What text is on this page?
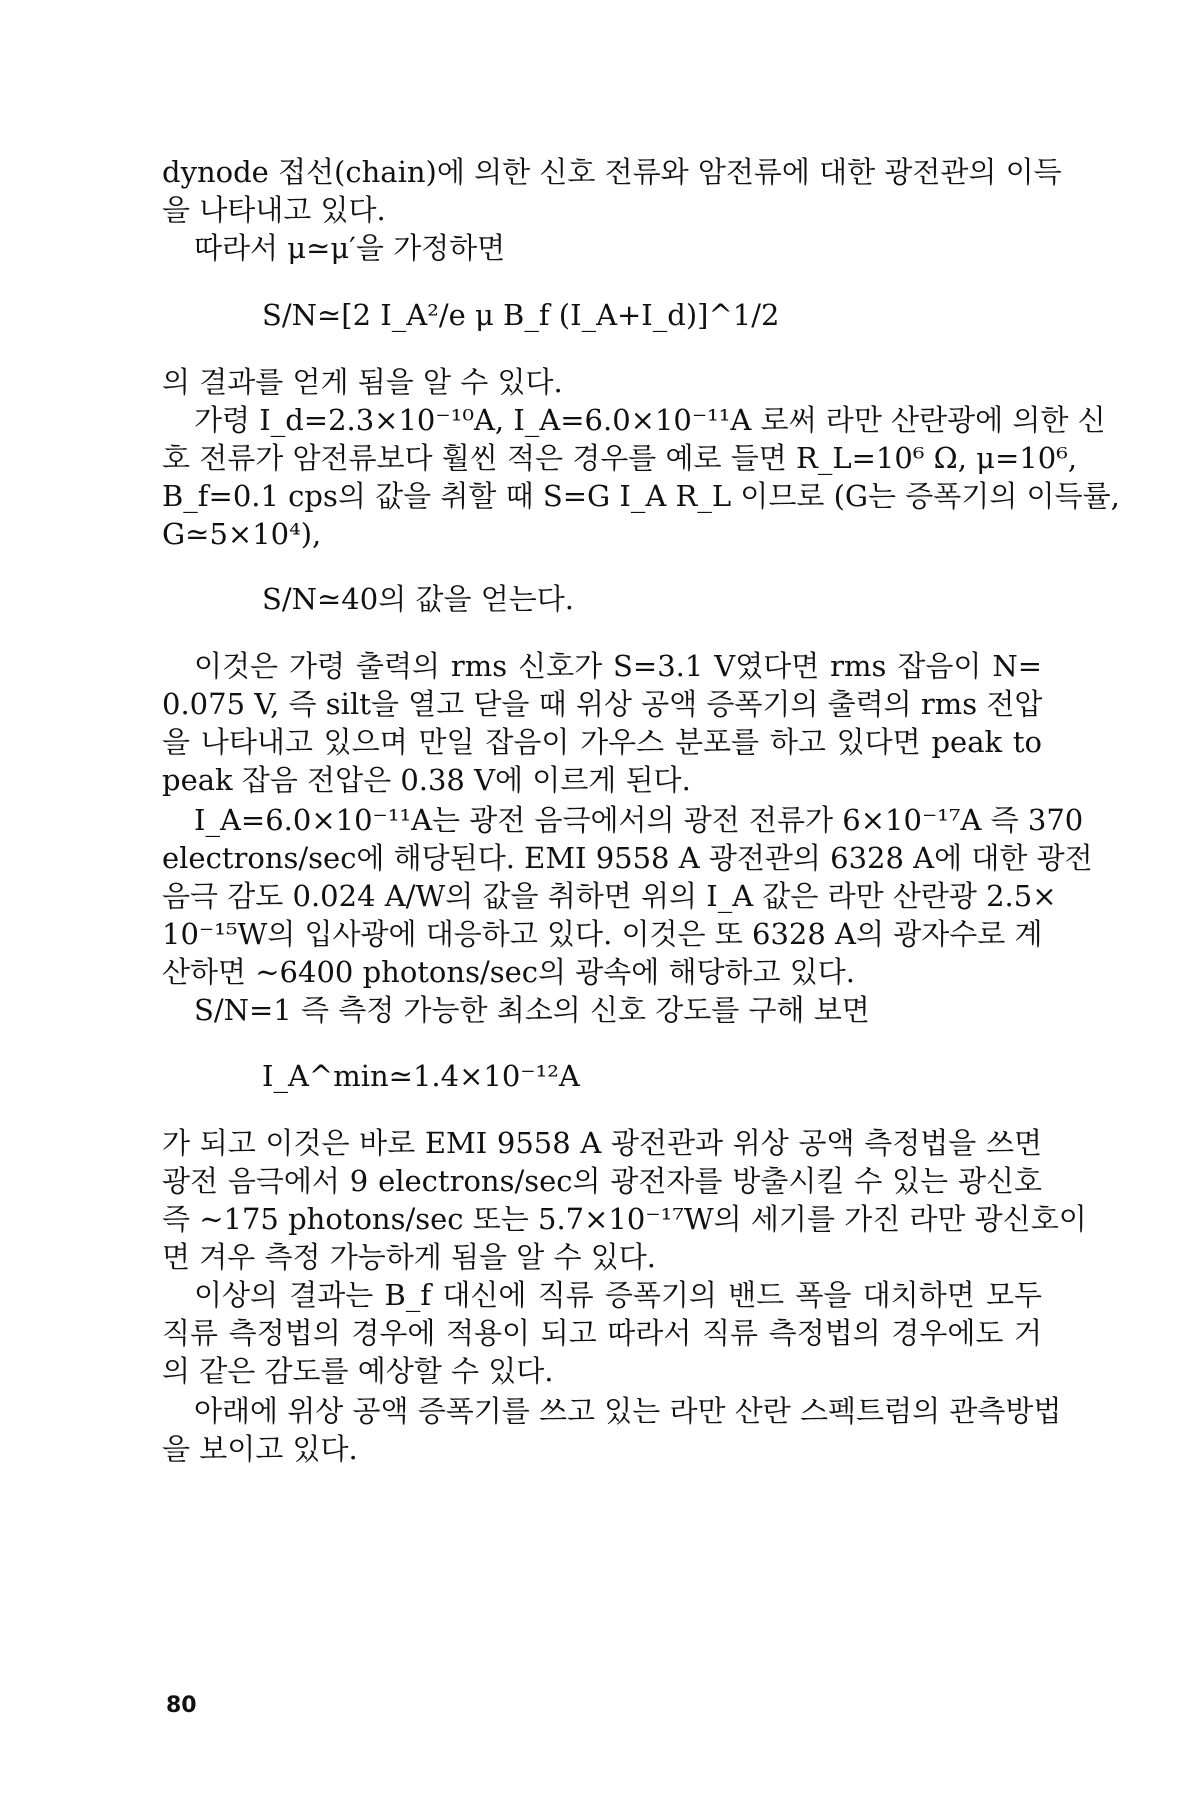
dynode 접선(chain)에 의한 신호 전류와 암전류에 대한 광전관의 이득
을 나타내고 있다.
따라서 μ≃μ′을 가정하면
S/N≃[2 I_A²/e μ B_f (I_A+I_d)]^1/2
의 결과를 얻게 됨을 알 수 있다.
가령 I_d=2.3×10⁻¹⁰A, I_A=6.0×10⁻¹¹A 로써 라만 산란광에 의한 신
호 전류가 암전류보다 훨씬 적은 경우를 예로 들면 R_L=10⁶ Ω, μ=10⁶,
B_f=0.1 cps의 값을 취할 때 S=G I_A R_L 이므로 (G는 증폭기의 이득률,
G≃5×10⁴),
S/N≃40의 값을 얻는다.
이것은 가령 출력의 rms 신호가 S=3.1 V였다면 rms 잡음이 N=
0.075 V, 즉 silt을 열고 닫을 때 위상 공액 증폭기의 출력의 rms 전압
을 나타내고 있으며 만일 잡음이 가우스 분포를 하고 있다면 peak to
peak 잡음 전압은 0.38 V에 이르게 된다.
I_A=6.0×10⁻¹¹A는 광전 음극에서의 광전 전류가 6×10⁻¹⁷A 즉 370
electrons/sec에 해당된다. EMI 9558 A 광전관의 6328 A에 대한 광전
음극 감도 0.024 A/W의 값을 취하면 위의 I_A 값은 라만 산란광 2.5×
10⁻¹⁵W의 입사광에 대응하고 있다. 이것은 또 6328 A의 광자수로 계
산하면 ∼6400 photons/sec의 광속에 해당하고 있다.
S/N=1 즉 측정 가능한 최소의 신호 강도를 구해 보면
I_A^min≃1.4×10⁻¹²A
가 되고 이것은 바로 EMI 9558 A 광전관과 위상 공액 측정법을 쓰면
광전 음극에서 9 electrons/sec의 광전자를 방출시킬 수 있는 광신호
즉 ∼175 photons/sec 또는 5.7×10⁻¹⁷W의 세기를 가진 라만 광신호이
면 겨우 측정 가능하게 됨을 알 수 있다.
이상의 결과는 B_f 대신에 직류 증폭기의 밴드 폭을 대치하면 모두
직류 측정법의 경우에 적용이 되고 따라서 직류 측정법의 경우에도 거
의 같은 감도를 예상할 수 있다.
아래에 위상 공액 증폭기를 쓰고 있는 라만 산란 스펙트럼의 관측방법
을 보이고 있다.
80
